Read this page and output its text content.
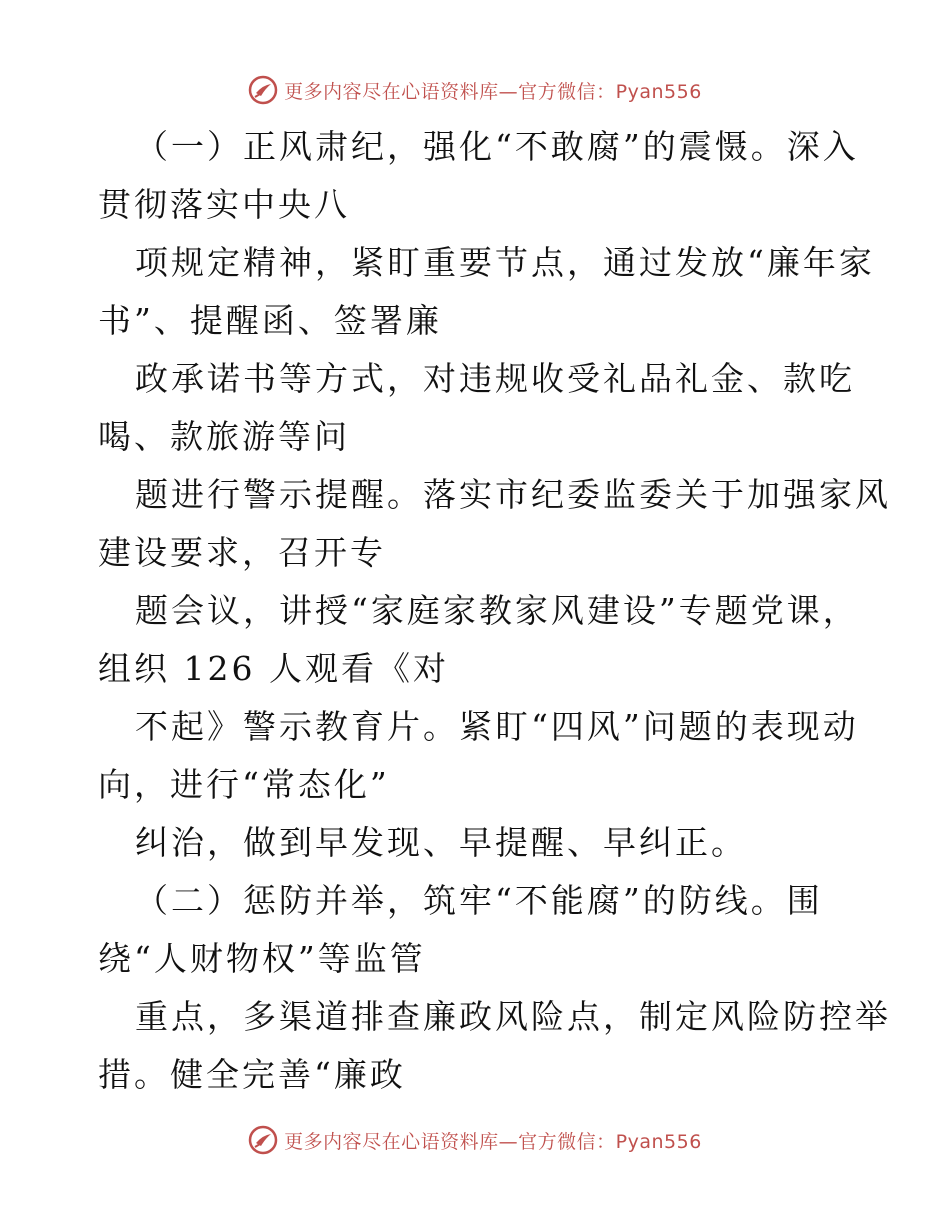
更多内容尽在心语资料库—官方微信：Pyan556
（一）正风肃纪，强化“不敢腐”的震慑。深入
贯彻落实中央八
项规定精神，紧盯重要节点，通过发放“廉年家
书”、提醒函、签署廉
政承诺书等方式，对违规收受礼品礼金、款吃
喝、款旅游等问
题进行警示提醒。落实市纪委监委关于加强家风
建设要求，召开专
题会议，讲授“家庭家教家风建设”专题党课，
组织 126 人观看《对
不起》警示教育片。紧盯“四风”问题的表现动
向，进行“常态化”
纠治，做到早发现、早提醒、早纠正。
（二）惩防并举，筑牢“不能腐”的防线。围
绕“人财物权”等监管
重点，多渠道排查廉政风险点，制定风险防控举
措。健全完善“廉政
更多内容尽在心语资料库—官方微信：Pyan556
